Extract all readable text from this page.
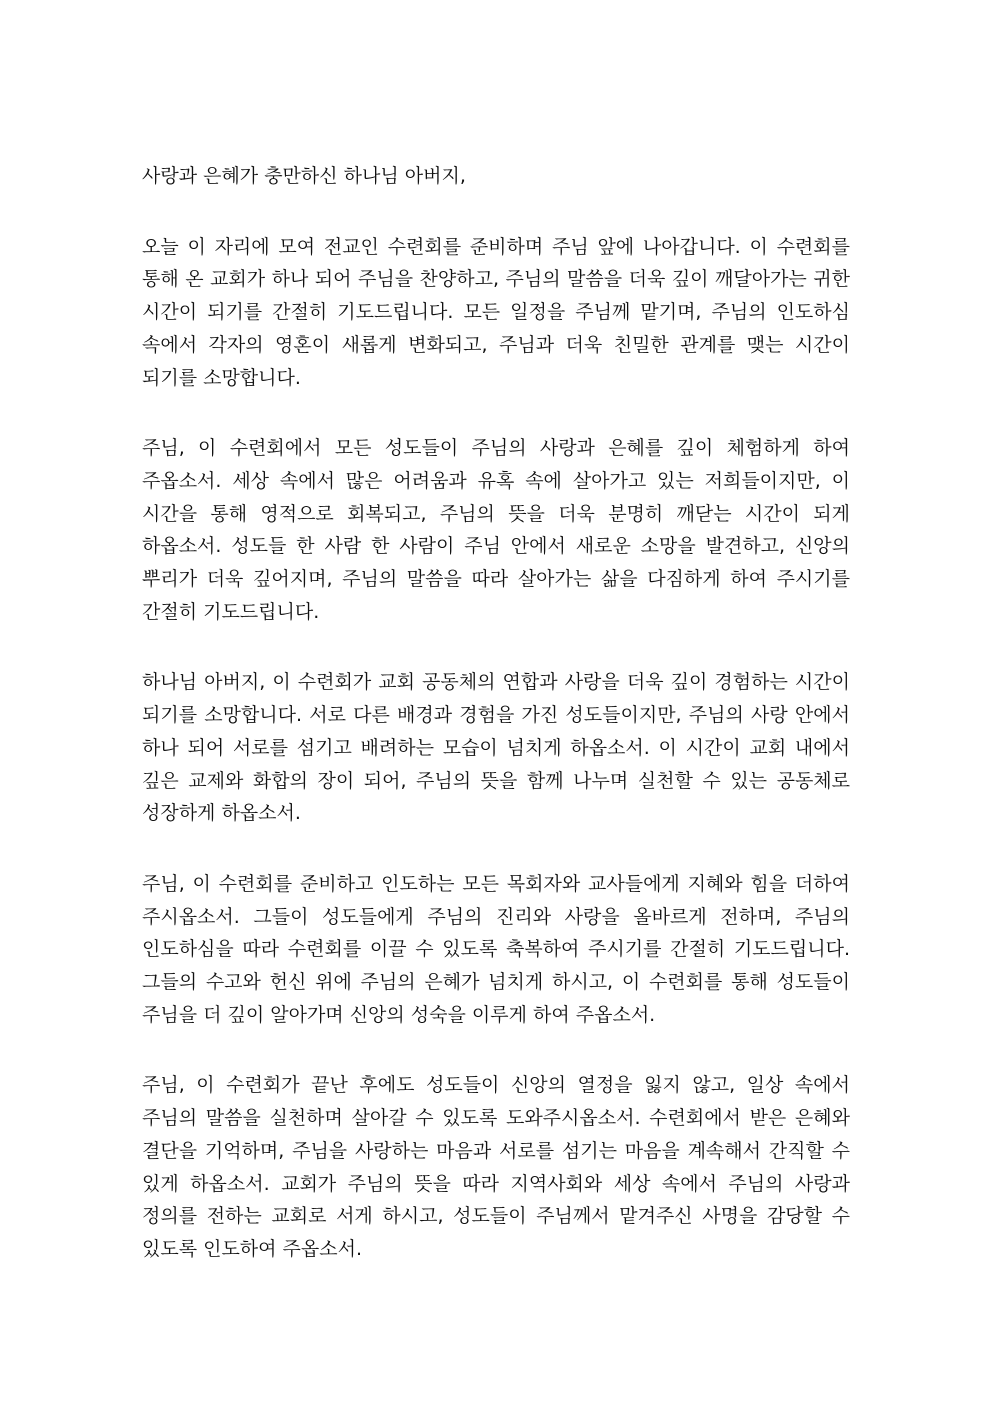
사랑과 은혜가 충만하신 하나님 아버지,

오늘 이 자리에 모여 전교인 수련회를 준비하며 주님 앞에 나아갑니다. 이 수련회를 통해 온 교회가 하나 되어 주님을 찬양하고, 주님의 말씀을 더욱 깊이 깨달아가는 귀한 시간이 되기를 간절히 기도드립니다. 모든 일정을 주님께 맡기며, 주님의 인도하심 속에서 각자의 영혼이 새롭게 변화되고, 주님과 더욱 친밀한 관계를 맺는 시간이 되기를 소망합니다.

주님, 이 수련회에서 모든 성도들이 주님의 사랑과 은혜를 깊이 체험하게 하여 주옵소서. 세상 속에서 많은 어려움과 유혹 속에 살아가고 있는 저희들이지만, 이 시간을 통해 영적으로 회복되고, 주님의 뜻을 더욱 분명히 깨닫는 시간이 되게 하옵소서. 성도들 한 사람 한 사람이 주님 안에서 새로운 소망을 발견하고, 신앙의 뿌리가 더욱 깊어지며, 주님의 말씀을 따라 살아가는 삶을 다짐하게 하여 주시기를 간절히 기도드립니다.

하나님 아버지, 이 수련회가 교회 공동체의 연합과 사랑을 더욱 깊이 경험하는 시간이 되기를 소망합니다. 서로 다른 배경과 경험을 가진 성도들이지만, 주님의 사랑 안에서 하나 되어 서로를 섬기고 배려하는 모습이 넘치게 하옵소서. 이 시간이 교회 내에서 깊은 교제와 화합의 장이 되어, 주님의 뜻을 함께 나누며 실천할 수 있는 공동체로 성장하게 하옵소서.

주님, 이 수련회를 준비하고 인도하는 모든 목회자와 교사들에게 지혜와 힘을 더하여 주시옵소서. 그들이 성도들에게 주님의 진리와 사랑을 올바르게 전하며, 주님의 인도하심을 따라 수련회를 이끌 수 있도록 축복하여 주시기를 간절히 기도드립니다. 그들의 수고와 헌신 위에 주님의 은혜가 넘치게 하시고, 이 수련회를 통해 성도들이 주님을 더 깊이 알아가며 신앙의 성숙을 이루게 하여 주옵소서.

주님, 이 수련회가 끝난 후에도 성도들이 신앙의 열정을 잃지 않고, 일상 속에서 주님의 말씀을 실천하며 살아갈 수 있도록 도와주시옵소서. 수련회에서 받은 은혜와 결단을 기억하며, 주님을 사랑하는 마음과 서로를 섬기는 마음을 계속해서 간직할 수 있게 하옵소서. 교회가 주님의 뜻을 따라 지역사회와 세상 속에서 주님의 사랑과 정의를 전하는 교회로 서게 하시고, 성도들이 주님께서 맡겨주신 사명을 감당할 수 있도록 인도하여 주옵소서.
